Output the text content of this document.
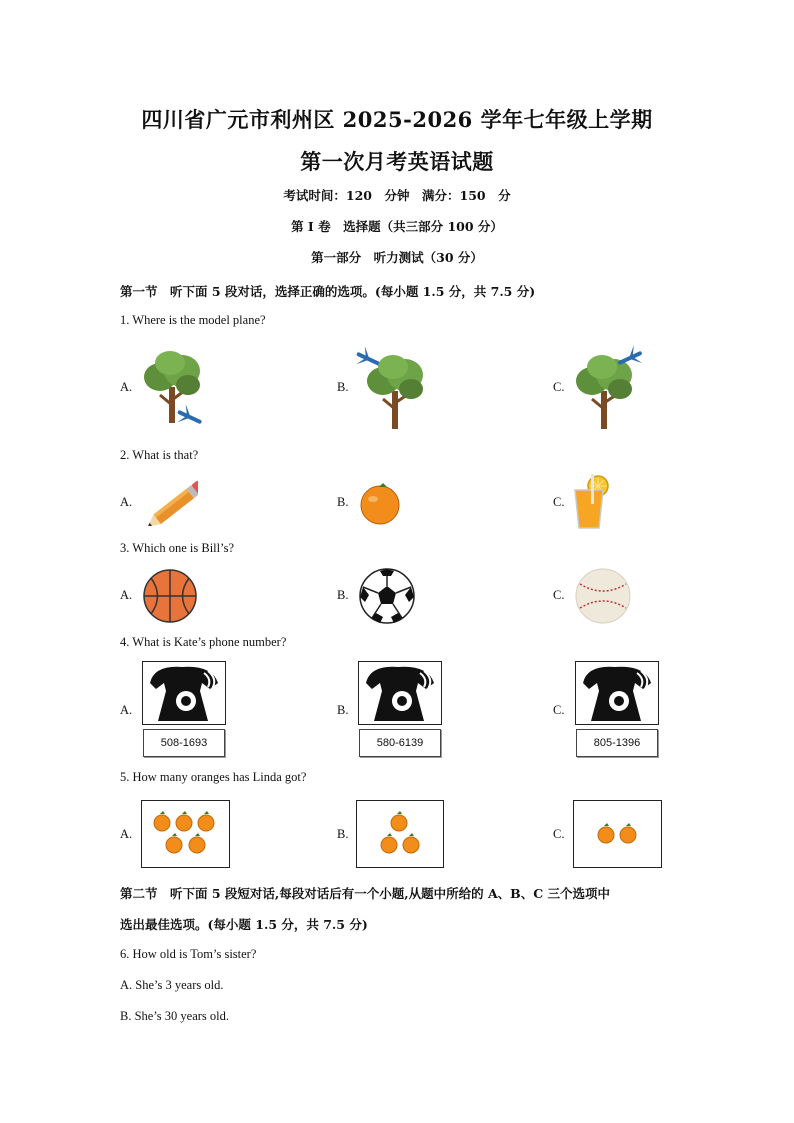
四川省广元市利州区 2025-2026 学年七年级上学期
第一次月考英语试题
考试时间：120　分钟　满分：150　分
第 I 卷　选择题（共三部分 100 分）
第一部分　听力测试（30 分）
第一节　听下面 5 段对话，选择正确的选项。(每小题 1.5 分，共 7.5 分)
1. Where is the model plane?
A.	B.	C.
2. What is that?
A.	B.	C.
3. Which one is Bill’s?
A.	B.	C.
4. What is Kate’s phone number?
A.	B.	C.
508-1693	580-6139	805-1396
5. How many oranges has Linda got?
A.	B.	C.
第二节　听下面 5 段短对话,每段对话后有一个小题,从题中所给的 A、B、C 三个选项中
选出最佳选项。(每小题 1.5 分，共 7.5 分)
6. How old is Tom’s sister?
A. She’s 3 years old.
B. She’s 30 years old.
